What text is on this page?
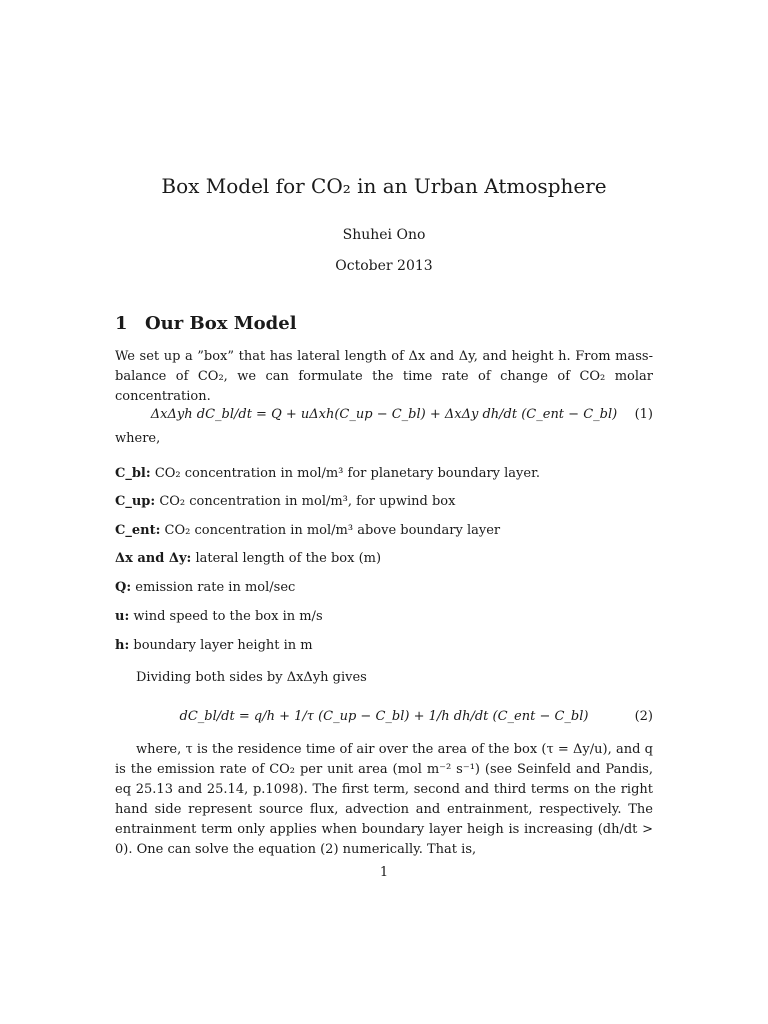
Box Model for CO₂ in an Urban Atmosphere
Shuhei Ono
October 2013
1 Our Box Model
We set up a ”box” that has lateral length of Δx and Δy, and height h. From mass-balance of CO₂, we can formulate the time rate of change of CO₂ molar concentration.
ΔxΔyh dC_bl/dt = Q + uΔxh(C_up − C_bl) + ΔxΔy dh/dt (C_ent − C_bl)	(1)
where,
C_bl: CO₂ concentration in mol/m³ for planetary boundary layer.
C_up: CO₂ concentration in mol/m³, for upwind box
C_ent: CO₂ concentration in mol/m³ above boundary layer
Δx and Δy: lateral length of the box (m)
Q: emission rate in mol/sec
u: wind speed to the box in m/s
h: boundary layer height in m
Dividing both sides by ΔxΔyh gives
dC_bl/dt = q/h + 1/τ (C_up − C_bl) + 1/h dh/dt (C_ent − C_bl)	(2)
where, τ is the residence time of air over the area of the box (τ = Δy/u), and q is the emission rate of CO₂ per unit area (mol m⁻² s⁻¹) (see Seinfeld and Pandis, eq 25.13 and 25.14, p.1098). The first term, second and third terms on the right hand side represent source flux, advection and entrainment, respectively. The entrainment term only applies when boundary layer heigh is increasing (dh/dt > 0). One can solve the equation (2) numerically. That is,
1
